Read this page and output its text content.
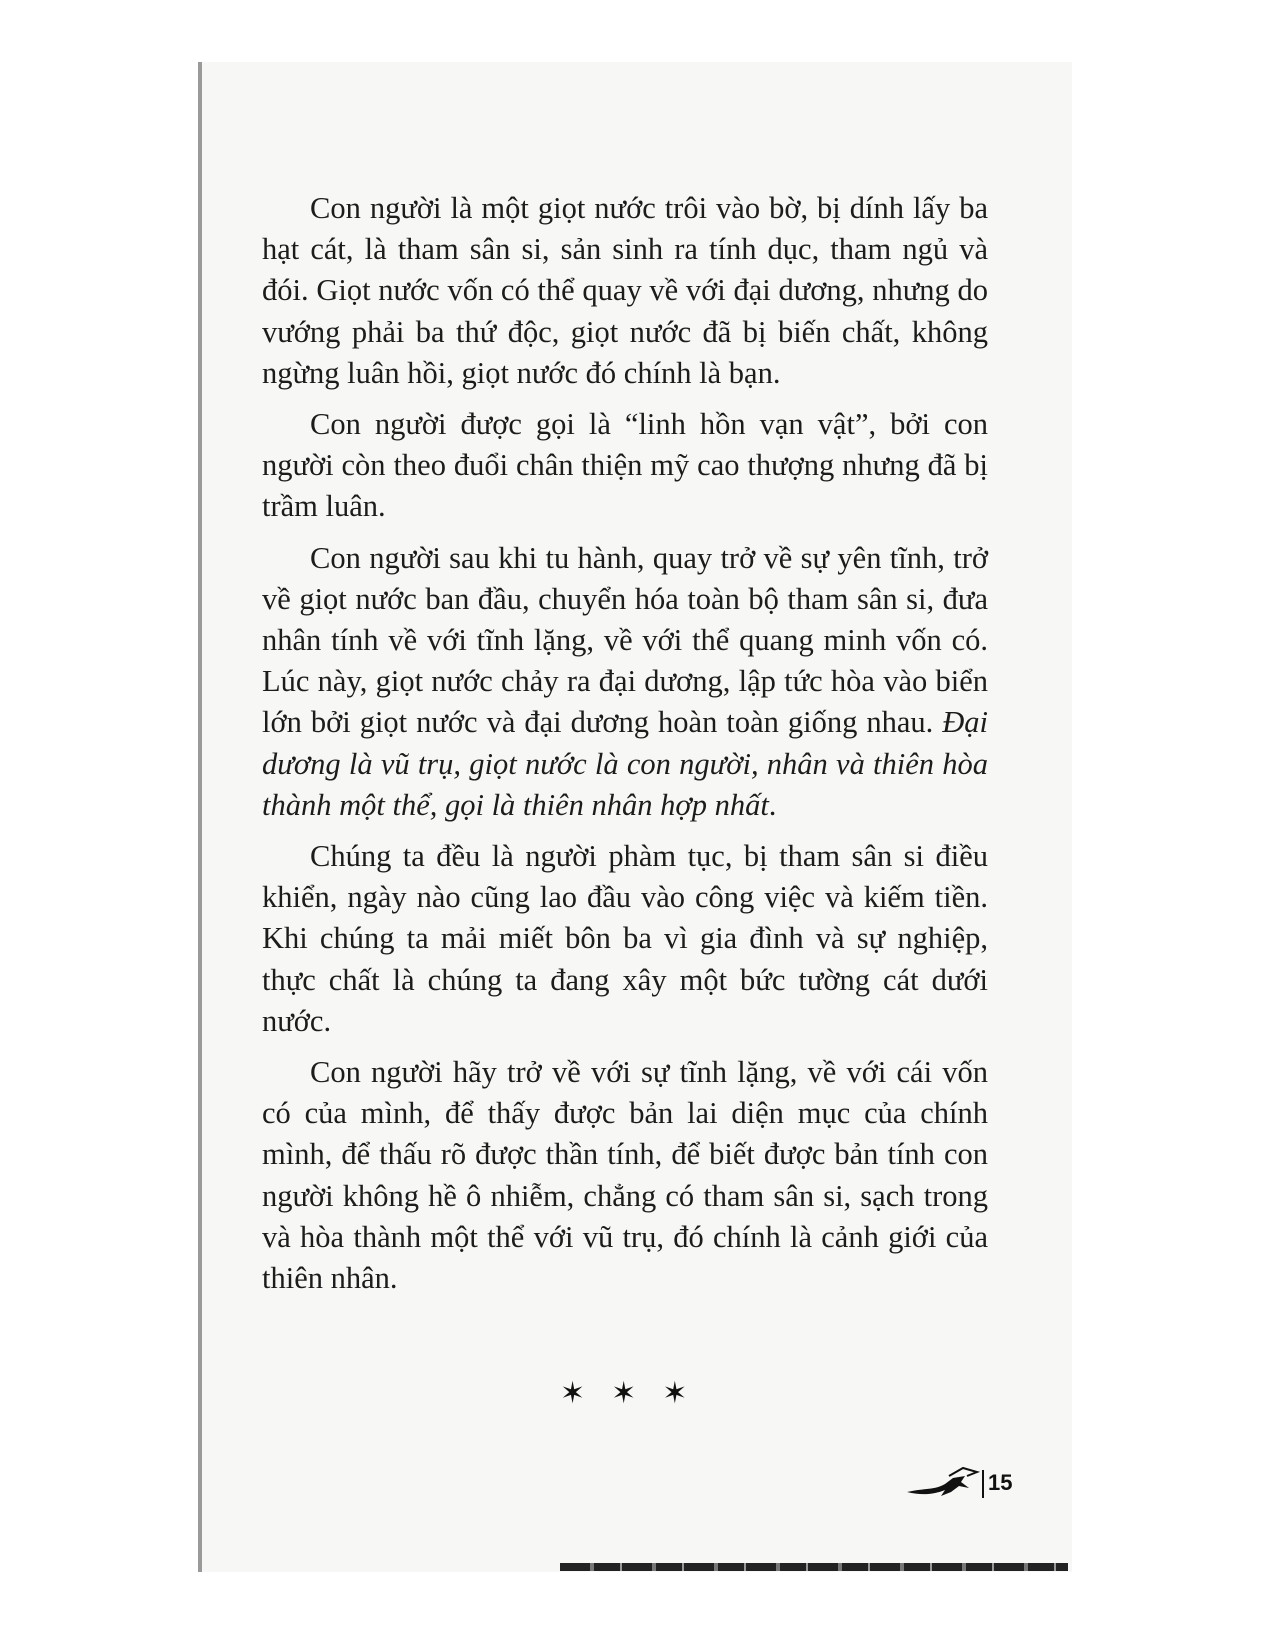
Con người là một giọt nước trôi vào bờ, bị dính lấy ba hạt cát, là tham sân si, sản sinh ra tính dục, tham ngủ và đói. Giọt nước vốn có thể quay về với đại dương, nhưng do vướng phải ba thứ độc, giọt nước đã bị biến chất, không ngừng luân hồi, giọt nước đó chính là bạn.

Con người được gọi là “linh hồn vạn vật”, bởi con người còn theo đuổi chân thiện mỹ cao thượng nhưng đã bị trầm luân.

Con người sau khi tu hành, quay trở về sự yên tĩnh, trở về giọt nước ban đầu, chuyển hóa toàn bộ tham sân si, đưa nhân tính về với tĩnh lặng, về với thể quang minh vốn có. Lúc này, giọt nước chảy ra đại dương, lập tức hòa vào biển lớn bởi giọt nước và đại dương hoàn toàn giống nhau. Đại dương là vũ trụ, giọt nước là con người, nhân và thiên hòa thành một thể, gọi là thiên nhân hợp nhất.

Chúng ta đều là người phàm tục, bị tham sân si điều khiển, ngày nào cũng lao đầu vào công việc và kiếm tiền. Khi chúng ta mải miết bôn ba vì gia đình và sự nghiệp, thực chất là chúng ta đang xây một bức tường cát dưới nước.

Con người hãy trở về với sự tĩnh lặng, về với cái vốn có của mình, để thấy được bản lai diện mục của chính mình, để thấu rõ được thần tính, để biết được bản tính con người không hề ô nhiễm, chẳng có tham sân si, sạch trong và hòa thành một thể với vũ trụ, đó chính là cảnh giới của thiên nhân.

✶✶✶
15
